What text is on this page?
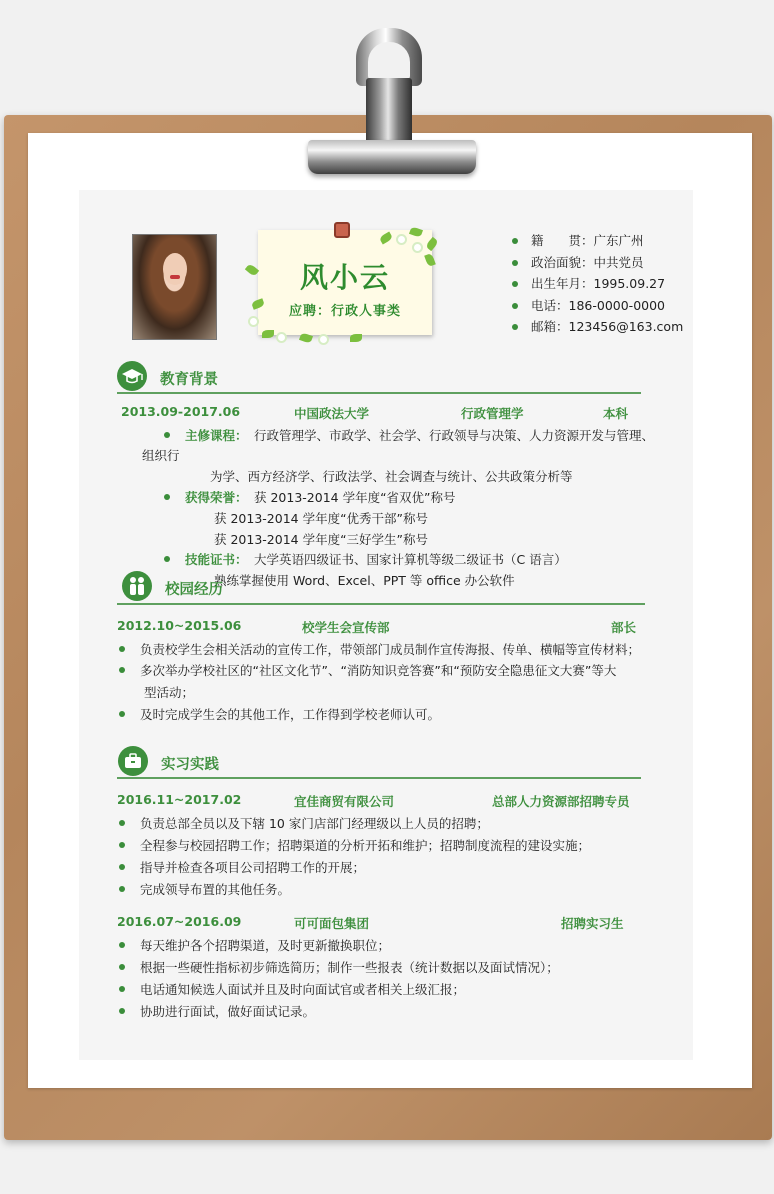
风小云
应聘：行政人事类
籍　　贯：广东广州
政治面貌：中共党员
出生年月：1995.09.27
电话：186-0000-0000
邮箱：123456@163.com
教育背景
2013.09-2017.06	中国政法大学	行政管理学	本科
主修课程： 行政管理学、市政学、社会学、行政领导与决策、人力资源开发与管理、
组织行
为学、西方经济学、行政法学、社会调查与统计、公共政策分析等
获得荣誉： 获 2013-2014 学年度“省双优”称号
获 2013-2014 学年度“优秀干部”称号
获 2013-2014 学年度“三好学生”称号
技能证书： 大学英语四级证书、国家计算机等级二级证书（C 语言）
熟练掌握使用 Word、Excel、PPT 等 office 办公软件
校园经历
2012.10~2015.06	校学生会宣传部	部长
负责校学生会相关活动的宣传工作，带领部门成员制作宣传海报、传单、横幅等宣传材料；
多次举办学校社区的“社区文化节”、“消防知识竞答赛”和“预防安全隐患征文大赛”等大
型活动；
及时完成学生会的其他工作，工作得到学校老师认可。
实习实践
2016.11~2017.02	宜佳商贸有限公司	总部人力资源部招聘专员
负责总部全员以及下辖 10 家门店部门经理级以上人员的招聘；
全程参与校园招聘工作；招聘渠道的分析开拓和维护；招聘制度流程的建设实施；
指导并检查各项目公司招聘工作的开展；
完成领导布置的其他任务。
2016.07~2016.09	可可面包集团	招聘实习生
每天维护各个招聘渠道，及时更新撤换职位；
根据一些硬性指标初步筛选简历；制作一些报表（统计数据以及面试情况）；
电话通知候选人面试并且及时向面试官或者相关上级汇报；
协助进行面试，做好面试记录。
